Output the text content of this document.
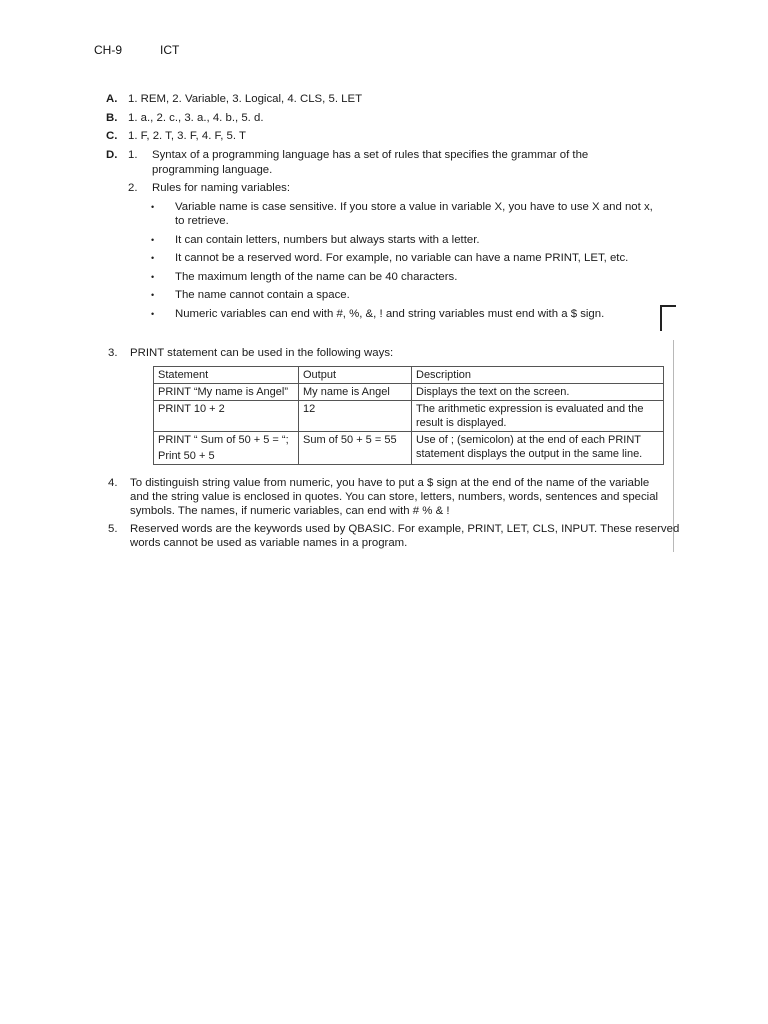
CH-9	ICT
A. 1. REM, 2. Variable, 3. Logical, 4. CLS, 5. LET
B. 1. a., 2. c., 3. a., 4. b., 5. d.
C. 1. F, 2. T, 3. F, 4. F, 5. T
D. 1. Syntax of a programming language has a set of rules that specifies the grammar of the
programming language.
2. Rules for naming variables:
• Variable name is case sensitive. If you store a value in variable X, you have to use X and not x,
to retrieve.
• It can contain letters, numbers but always starts with a letter.
• It cannot be a reserved word. For example, no variable can have a name PRINT, LET, etc.
• The maximum length of the name can be 40 characters.
• The name cannot contain a space.
• Numeric variables can end with #, %, &, ! and string variables must end with a $ sign.
3. PRINT statement can be used in the following ways:
Statement	Output	Description
PRINT “My name is Angel”	My name is Angel	Displays the text on the screen.
PRINT 10 + 2	12	The arithmetic expression is evaluated and the result is displayed.

PRINT “ Sum of 50 + 5 = “;
Print 50 + 5	Sum of 50 + 5 = 55	Use of ; (semicolon) at the end of each PRINT statement displays the output in the same line.
4. To distinguish string value from numeric, you have to put a $ sign at the end of the name of the variable
and the string value is enclosed in quotes. You can store, letters, numbers, words, sentences and special
symbols. The names, if numeric variables, can end with # % & !
5. Reserved words are the keywords used by QBASIC. For example, PRINT, LET, CLS, INPUT. These reserved
words cannot be used as variable names in a program.
